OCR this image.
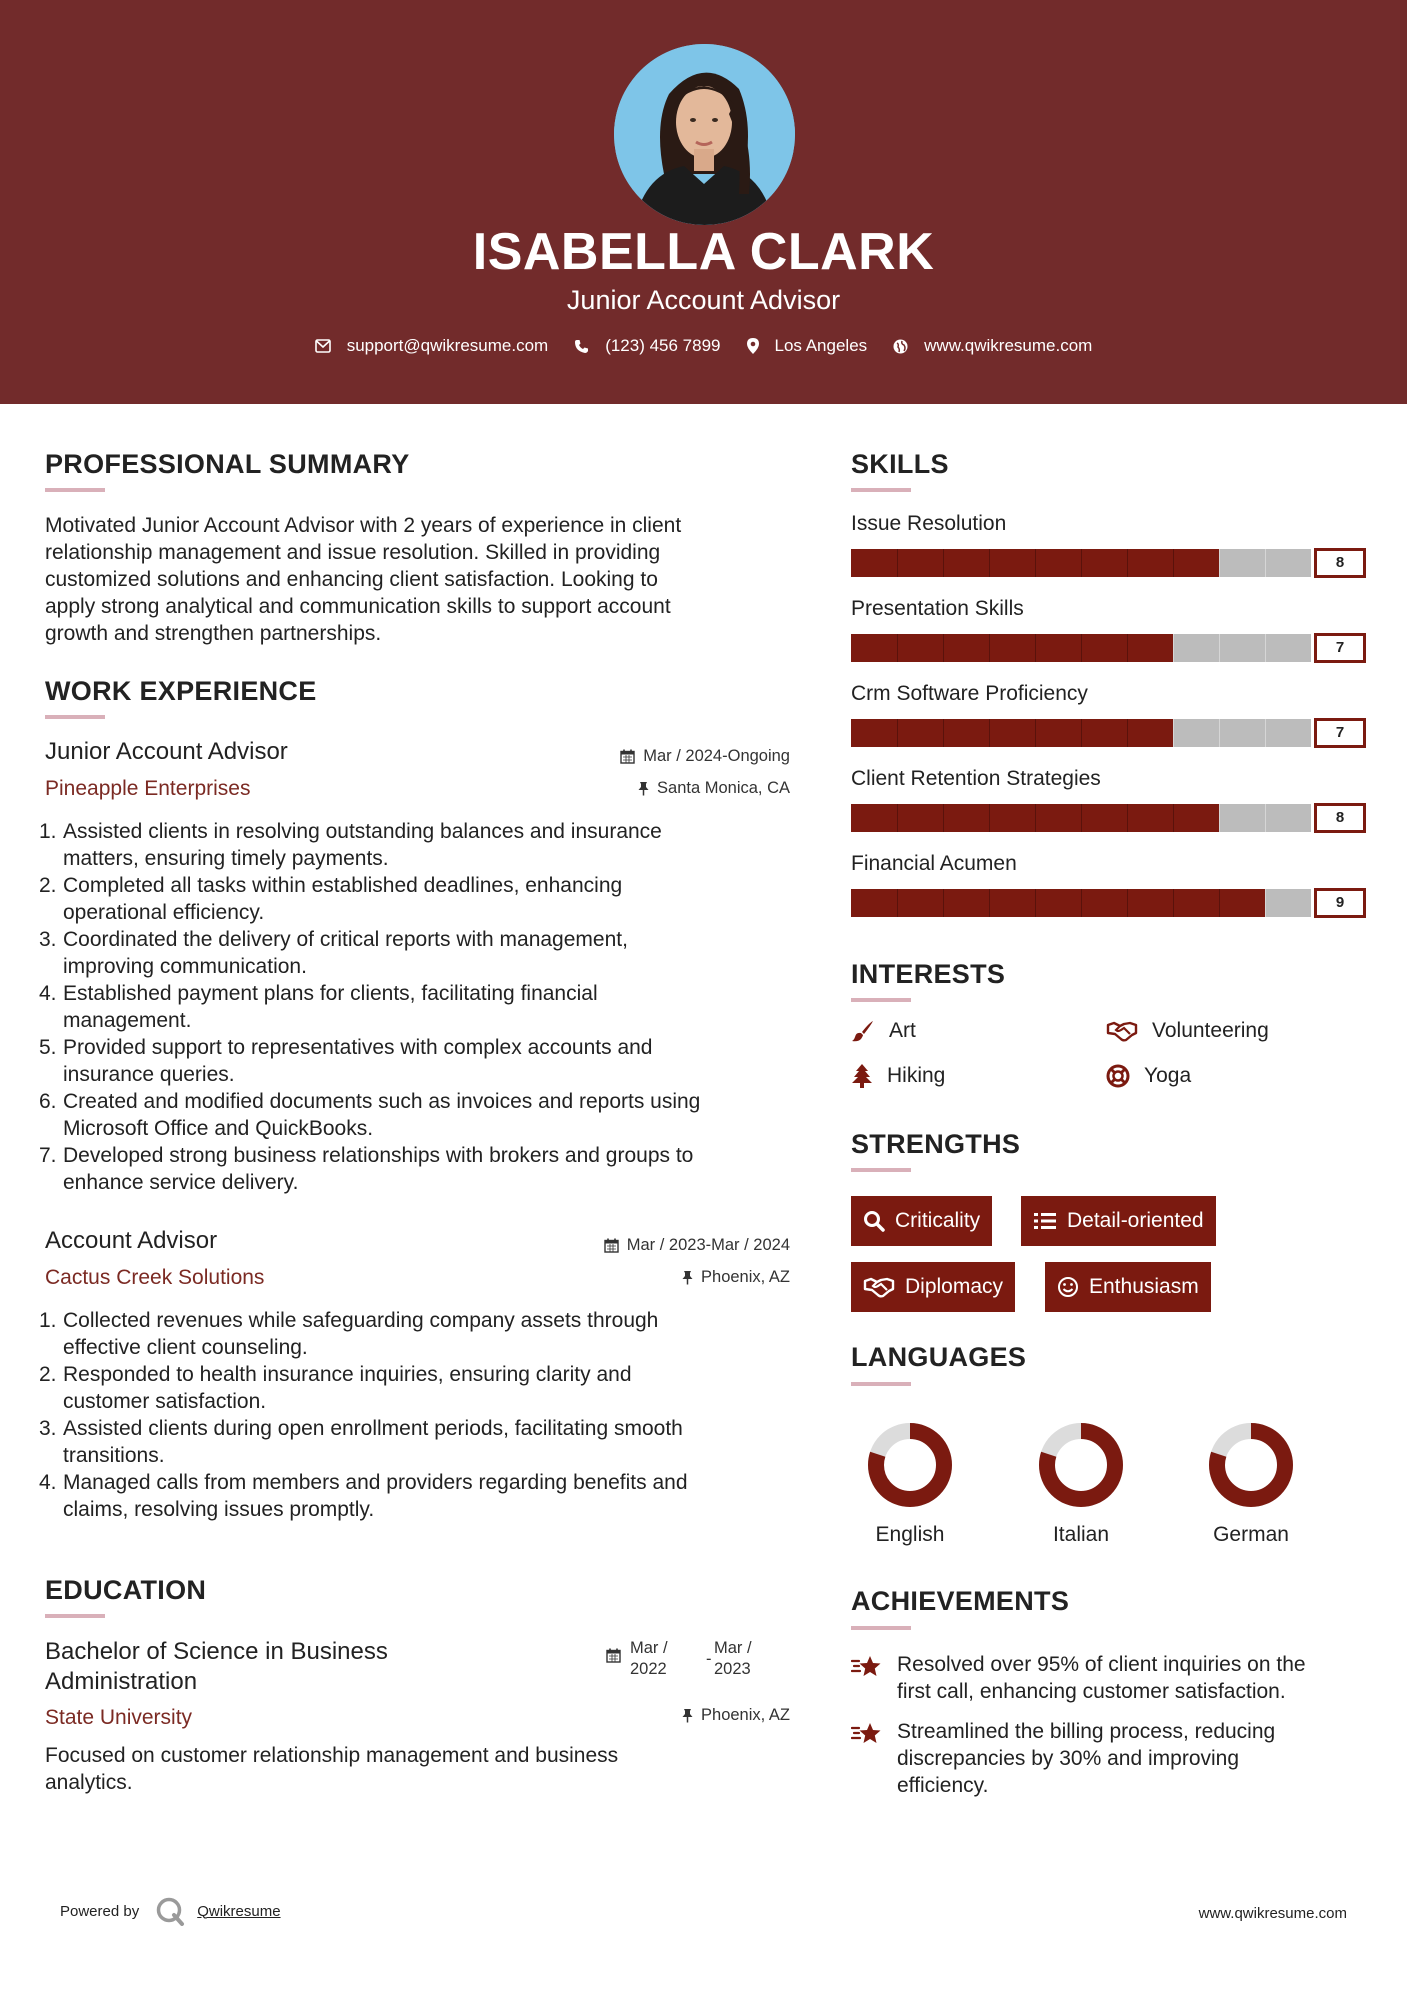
ISABELLA CLARK
Junior Account Advisor
support@qwikresume.com	(123) 456 7899	Los Angeles	www.qwikresume.com
PROFESSIONAL SUMMARY
Motivated Junior Account Advisor with 2 years of experience in client
relationship management and issue resolution. Skilled in providing
customized solutions and enhancing client satisfaction. Looking to
apply strong analytical and communication skills to support account
growth and strengthen partnerships.
WORK EXPERIENCE
Junior Account Advisor	Mar / 2024-Ongoing
Pineapple Enterprises	Santa Monica, CA
1. Assisted clients in resolving outstanding balances and insurance
matters, ensuring timely payments.
2. Completed all tasks within established deadlines, enhancing
operational efficiency.
3. Coordinated the delivery of critical reports with management,
improving communication.
4. Established payment plans for clients, facilitating financial
management.
5. Provided support to representatives with complex accounts and
insurance queries.
6. Created and modified documents such as invoices and reports using
Microsoft Office and QuickBooks.
7. Developed strong business relationships with brokers and groups to
enhance service delivery.
Account Advisor	Mar / 2023-Mar / 2024
Cactus Creek Solutions	Phoenix, AZ
1. Collected revenues while safeguarding company assets through
effective client counseling.
2. Responded to health insurance inquiries, ensuring clarity and
customer satisfaction.
3. Assisted clients during open enrollment periods, facilitating smooth
transitions.
4. Managed calls from members and providers regarding benefits and
claims, resolving issues promptly.
EDUCATION
Bachelor of Science in Business
Administration
Mar /
2022
-
Mar /
2023
State University	Phoenix, AZ
Focused on customer relationship management and business
analytics.
SKILLS
Issue Resolution
8
Presentation Skills
7
Crm Software Proficiency
7
Client Retention Strategies
8
Financial Acumen
9
INTERESTS
Art	Volunteering
Hiking	Yoga
STRENGTHS
Criticality	Detail-oriented
Diplomacy	Enthusiasm
LANGUAGES
English	Italian	German
ACHIEVEMENTS
Resolved over 95% of client inquiries on the
first call, enhancing customer satisfaction.
Streamlined the billing process, reducing
discrepancies by 30% and improving
efficiency.
Powered by	Qwikresume	www.qwikresume.com
